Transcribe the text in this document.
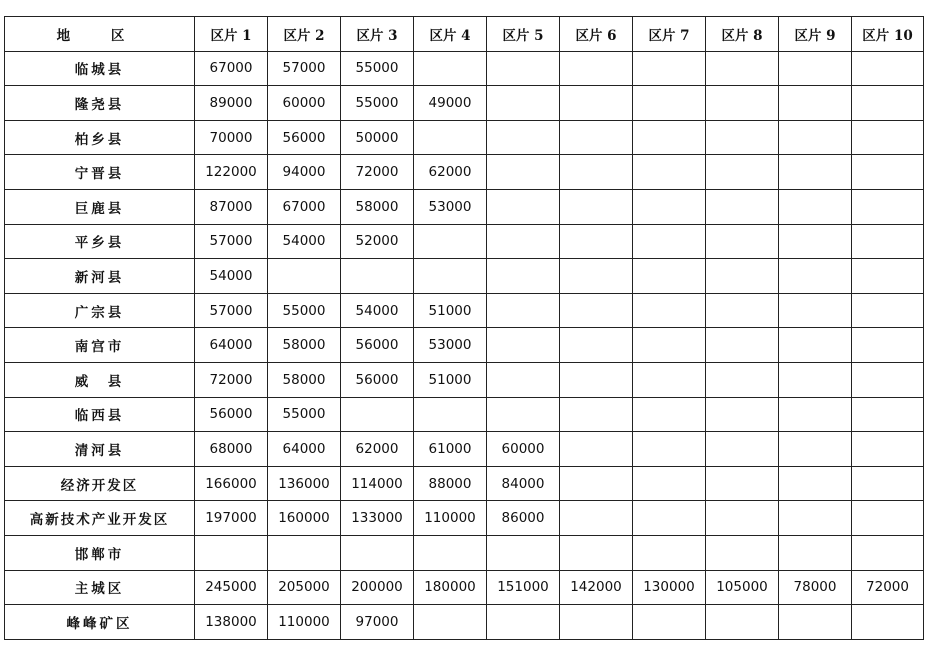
地 区	区片 1	区片 2	区片 3	区片 4	区片 5	区片 6	区片 7	区片 8	区片 9	区片 10
临城县	67000	57000	55000							
隆尧县	89000	60000	55000	49000						
柏乡县	70000	56000	50000							
宁晋县	122000	94000	72000	62000						
巨鹿县	87000	67000	58000	53000						
平乡县	57000	54000	52000							
新河县	54000									
广宗县	57000	55000	54000	51000						
南宫市	64000	58000	56000	53000						
威　县	72000	58000	56000	51000						
临西县	56000	55000								
清河县	68000	64000	62000	61000	60000					
经济开发区	166000	136000	114000	88000	84000					
高新技术产业开发区	197000	160000	133000	110000	86000					
邯郸市										
主城区	245000	205000	200000	180000	151000	142000	130000	105000	78000	72000
峰峰矿区	138000	110000	97000							
